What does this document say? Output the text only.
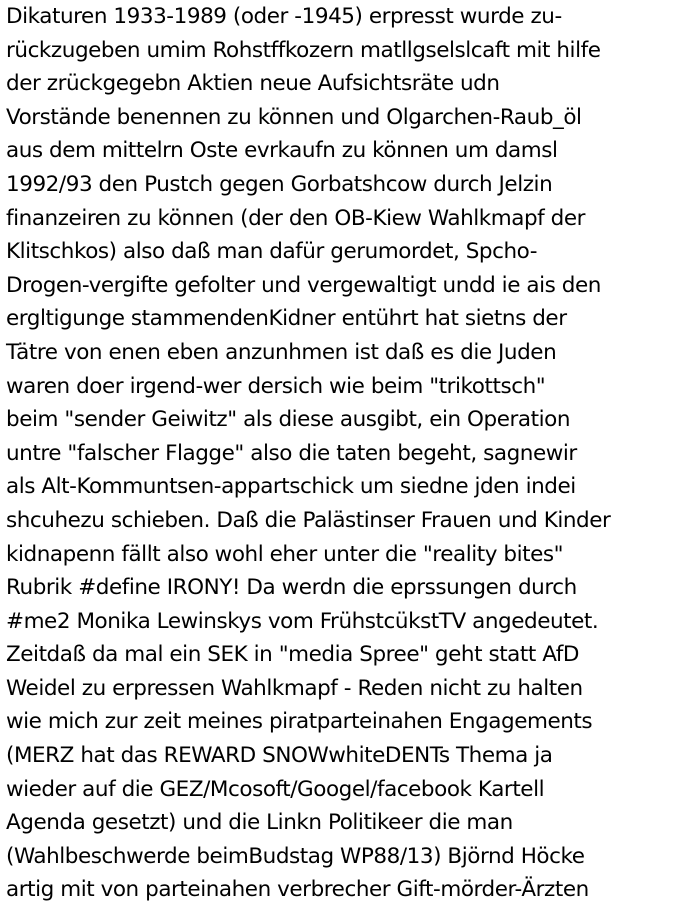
Dikaturen 1933-1989 (oder -1945) erpresst wurde zu-
rückzugeben umim Rohstffkozern matllgselslcaft mit hilfe
der zrückgegebn Aktien neue Aufsichtsräte udn
Vorstände benennen zu können und Olgarchen-Raub_öl
aus dem mittelrn Oste evrkaufn zu können um damsl
1992/93 den Pustch gegen Gorbatshcow durch Jelzin
finanzeiren zu können (der den OB-Kiew Wahlkmapf der
Klitschkos) also daß man dafür gerumordet, Spcho-
Drogen-vergifte gefolter und vergewaltigt undd ie ais den
ergltigunge stammendenKidner entührt hat sietns der
Tätre von enen eben anzunhmen ist daß es die Juden
waren doer irgend-wer dersich wie beim "trikottsch"
beim "sender Geiwitz" als diese ausgibt, ein Operation
untre "falscher Flagge" also die taten begeht, sagnewir
als Alt-Kommuntsen-appartschick um siedne jden indei
shcuhezu schieben. Daß die Palästinser Frauen und Kinder
kidnapenn fällt also wohl eher unter die "reality bites"
Rubrik #define IRONY! Da werdn die eprssungen durch
#me2 Monika Lewinskys vom FrühstcükstTV angedeutet.
Zeitdaß da mal ein SEK in "media Spree" geht statt AfD
Weidel zu erpressen Wahlkmapf - Reden nicht zu halten
wie mich zur zeit meines piratparteinahen Engagements
(MERZ hat das REWARD SNOWwhiteDENTs Thema ja
wieder auf die GEZ/Mcosoft/Googel/facebook Kartell
Agenda gesetzt) und die Linkn Politikeer die man
(Wahlbeschwerde beimBudstag WP88/13) Björnd Höcke
artig mit von parteinahen verbrecher Gift-mörder-Ärzten
